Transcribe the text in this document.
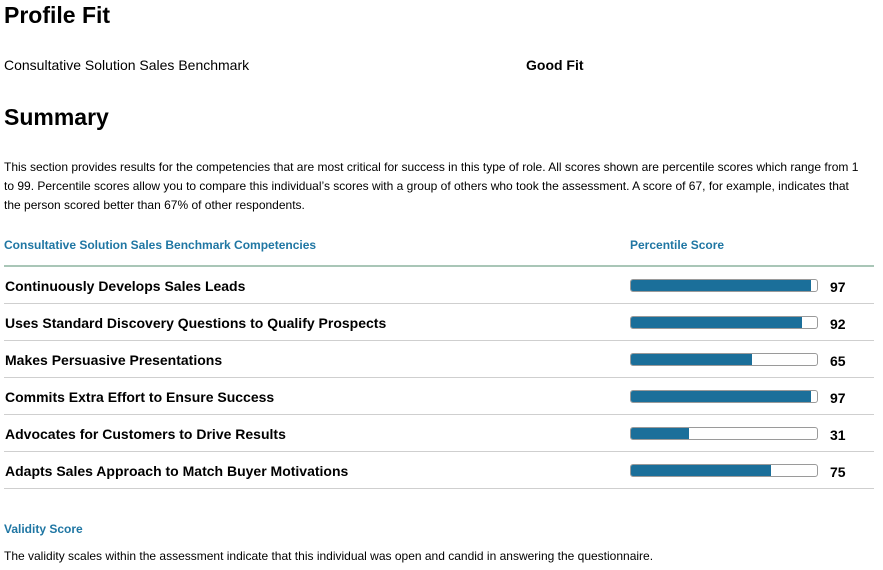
Profile Fit
Consultative Solution Sales Benchmark	Good Fit
Summary

This section provides results for the competencies that are most critical for success in this type of role. All scores shown are percentile scores which range from 1 to 99. Percentile scores allow you to compare this individual’s scores with a group of others who took the assessment. A score of 67, for example, indicates that the person scored better than 67% of other respondents.

Consultative Solution Sales Benchmark Competencies	Percentile Score
Continuously Develops Sales Leads	97
Uses Standard Discovery Questions to Qualify Prospects	92
Makes Persuasive Presentations	65
Commits Extra Effort to Ensure Success	97
Advocates for Customers to Drive Results	31
Adapts Sales Approach to Match Buyer Motivations	75
Validity Score
The validity scales within the assessment indicate that this individual was open and candid in answering the questionnaire.
